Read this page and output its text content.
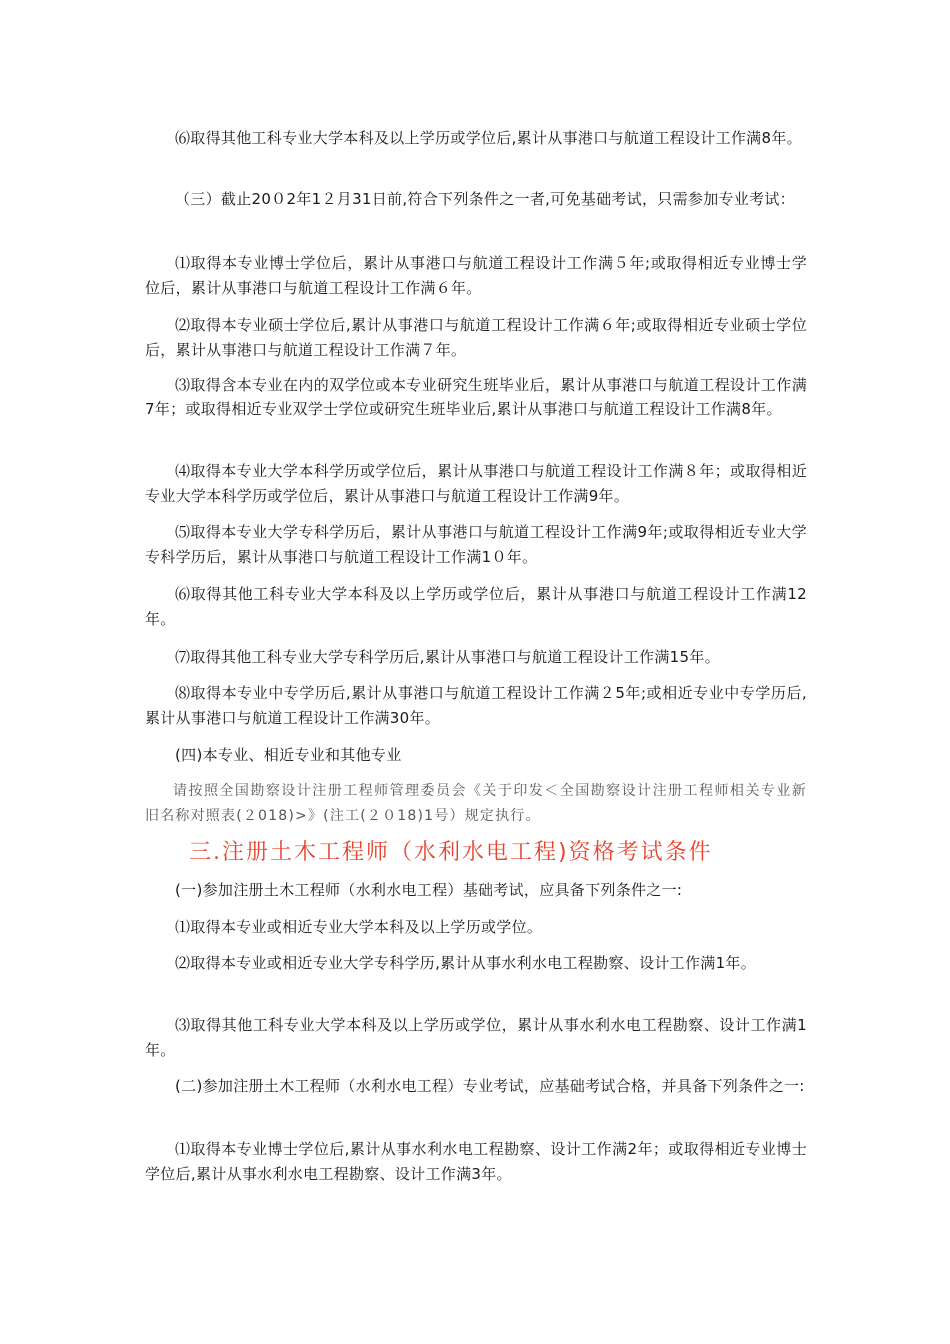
⑹取得其他工科专业大学本科及以上学历或学位后,累计从事港口与航道工程设计工作满8年。

（三）截止20０2年1２月31日前,符合下列条件之一者,可免基础考试，只需参加专业考试：

⑴取得本专业博士学位后，累计从事港口与航道工程设计工作满５年;或取得相近专业博士学位后，累计从事港口与航道工程设计工作满６年。

⑵取得本专业硕士学位后,累计从事港口与航道工程设计工作满６年;或取得相近专业硕士学位后，累计从事港口与航道工程设计工作满７年。

⑶取得含本专业在内的双学位或本专业研究生班毕业后，累计从事港口与航道工程设计工作满7年；或取得相近专业双学士学位或研究生班毕业后,累计从事港口与航道工程设计工作满8年。

⑷取得本专业大学本科学历或学位后，累计从事港口与航道工程设计工作满８年；或取得相近专业大学本科学历或学位后，累计从事港口与航道工程设计工作满9年。

⑸取得本专业大学专科学历后，累计从事港口与航道工程设计工作满9年;或取得相近专业大学专科学历后，累计从事港口与航道工程设计工作满1０年。

⑹取得其他工科专业大学本科及以上学历或学位后，累计从事港口与航道工程设计工作满12年。

⑺取得其他工科专业大学专科学历后,累计从事港口与航道工程设计工作满15年。

⑻取得本专业中专学历后,累计从事港口与航道工程设计工作满２5年;或相近专业中专学历后,累计从事港口与航道工程设计工作满30年。

(四)本专业、相近专业和其他专业

请按照全国勘察设计注册工程师管理委员会《关于印发＜全国勘察设计注册工程师相关专业新旧名称对照表(２018)>》(注工(２０18)1号）规定执行。

三.注册土木工程师（水利水电工程)资格考试条件

(一)参加注册土木工程师（水利水电工程）基础考试，应具备下列条件之一:

⑴取得本专业或相近专业大学本科及以上学历或学位。

⑵取得本专业或相近专业大学专科学历,累计从事水利水电工程勘察、设计工作满1年。

⑶取得其他工科专业大学本科及以上学历或学位，累计从事水利水电工程勘察、设计工作满1年。

(二)参加注册土木工程师（水利水电工程）专业考试，应基础考试合格，并具备下列条件之一:

⑴取得本专业博士学位后,累计从事水利水电工程勘察、设计工作满2年；或取得相近专业博士学位后,累计从事水利水电工程勘察、设计工作满3年。
